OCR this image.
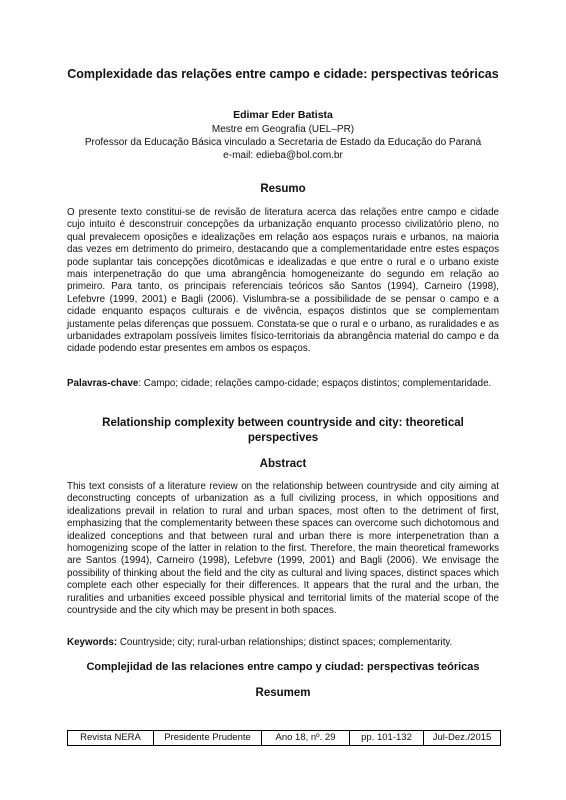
Complexidade das relações entre campo e cidade: perspectivas teóricas
Edimar Eder Batista
Mestre em Geografia (UEL–PR)
Professor da Educação Básica vinculado a Secretaria de Estado da Educação do Paraná
e-mail: edieba@bol.com.br
Resumo
O presente texto constitui-se de revisão de literatura acerca das relações entre campo e cidade cujo intuito é desconstruir concepções da urbanização enquanto processo civilizatório pleno, no qual prevalecem oposições e idealizações em relação aos espaços rurais e urbanos, na maioria das vezes em detrimento do primeiro, destacando que a complementaridade entre estes espaços pode suplantar tais concepções dicotômicas e idealizadas e que entre o rural e o urbano existe mais interpenetração do que uma abrangência homogeneizante do segundo em relação ao primeiro. Para tanto, os principais referenciais teóricos são Santos (1994), Carneiro (1998), Lefebvre (1999, 2001) e Bagli (2006). Vislumbra-se a possibilidade de se pensar o campo e a cidade enquanto espaços culturais e de vivência, espaços distintos que se complementam justamente pelas diferenças que possuem. Constata-se que o rural e o urbano, as ruralidades e as urbanidades extrapolam possíveis limites físico-territoriais da abrangência material do campo e da cidade podendo estar presentes em ambos os espaços.
Palavras-chave: Campo; cidade; relações campo-cidade; espaços distintos; complementaridade.
Relationship complexity between countryside and city: theoretical perspectives
Abstract
This text consists of a literature review on the relationship between countryside and city aiming at deconstructing concepts of urbanization as a full civilizing process, in which oppositions and idealizations prevail in relation to rural and urban spaces, most often to the detriment of first, emphasizing that the complementarity between these spaces can overcome such dichotomous and idealized conceptions and that between rural and urban there is more interpenetration than a homogenizing scope of the latter in relation to the first. Therefore, the main theoretical frameworks are Santos (1994), Carneiro (1998), Lefebvre (1999, 2001) and Bagli (2006). We envisage the possibility of thinking about the field and the city as cultural and living spaces, distinct spaces which complete each other especially for their differences. It appears that the rural and the urban, the ruralities and urbanities exceed possible physical and territorial limits of the material scope of the countryside and the city which may be present in both spaces.
Keywords: Countryside; city; rural-urban relationships; distinct spaces; complementarity.
Complejidad de las relaciones entre campo y ciudad: perspectivas teóricas
Resumem
Revista NERA	Presidente Prudente	Ano 18, nº. 29	pp. 101-132	Jul-Dez./2015
